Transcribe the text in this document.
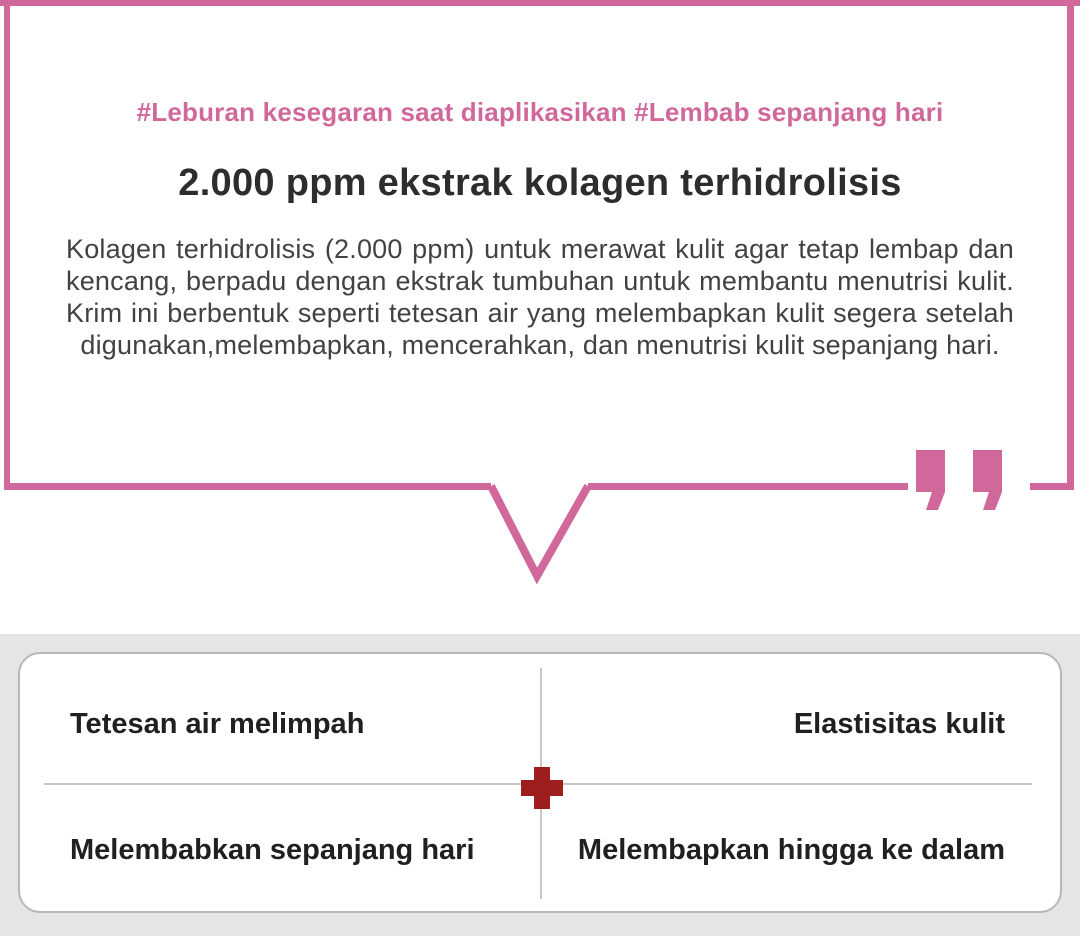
#Leburan kesegaran saat diaplikasikan #Lembab sepanjang hari
2.000 ppm ekstrak kolagen terhidrolisis

Kolagen terhidrolisis (2.000 ppm) untuk merawat kulit agar tetap lembap dan kencang, berpadu dengan ekstrak tumbuhan untuk membantu menutrisi kulit. Krim ini berbentuk seperti tetesan air yang melembapkan kulit segera setelah digunakan,melembapkan, mencerahkan, dan menutrisi kulit sepanjang hari.

Tetesan air melimpah	Elastisitas kulit
Melembabkan sepanjang hari	Melembapkan hingga ke dalam
